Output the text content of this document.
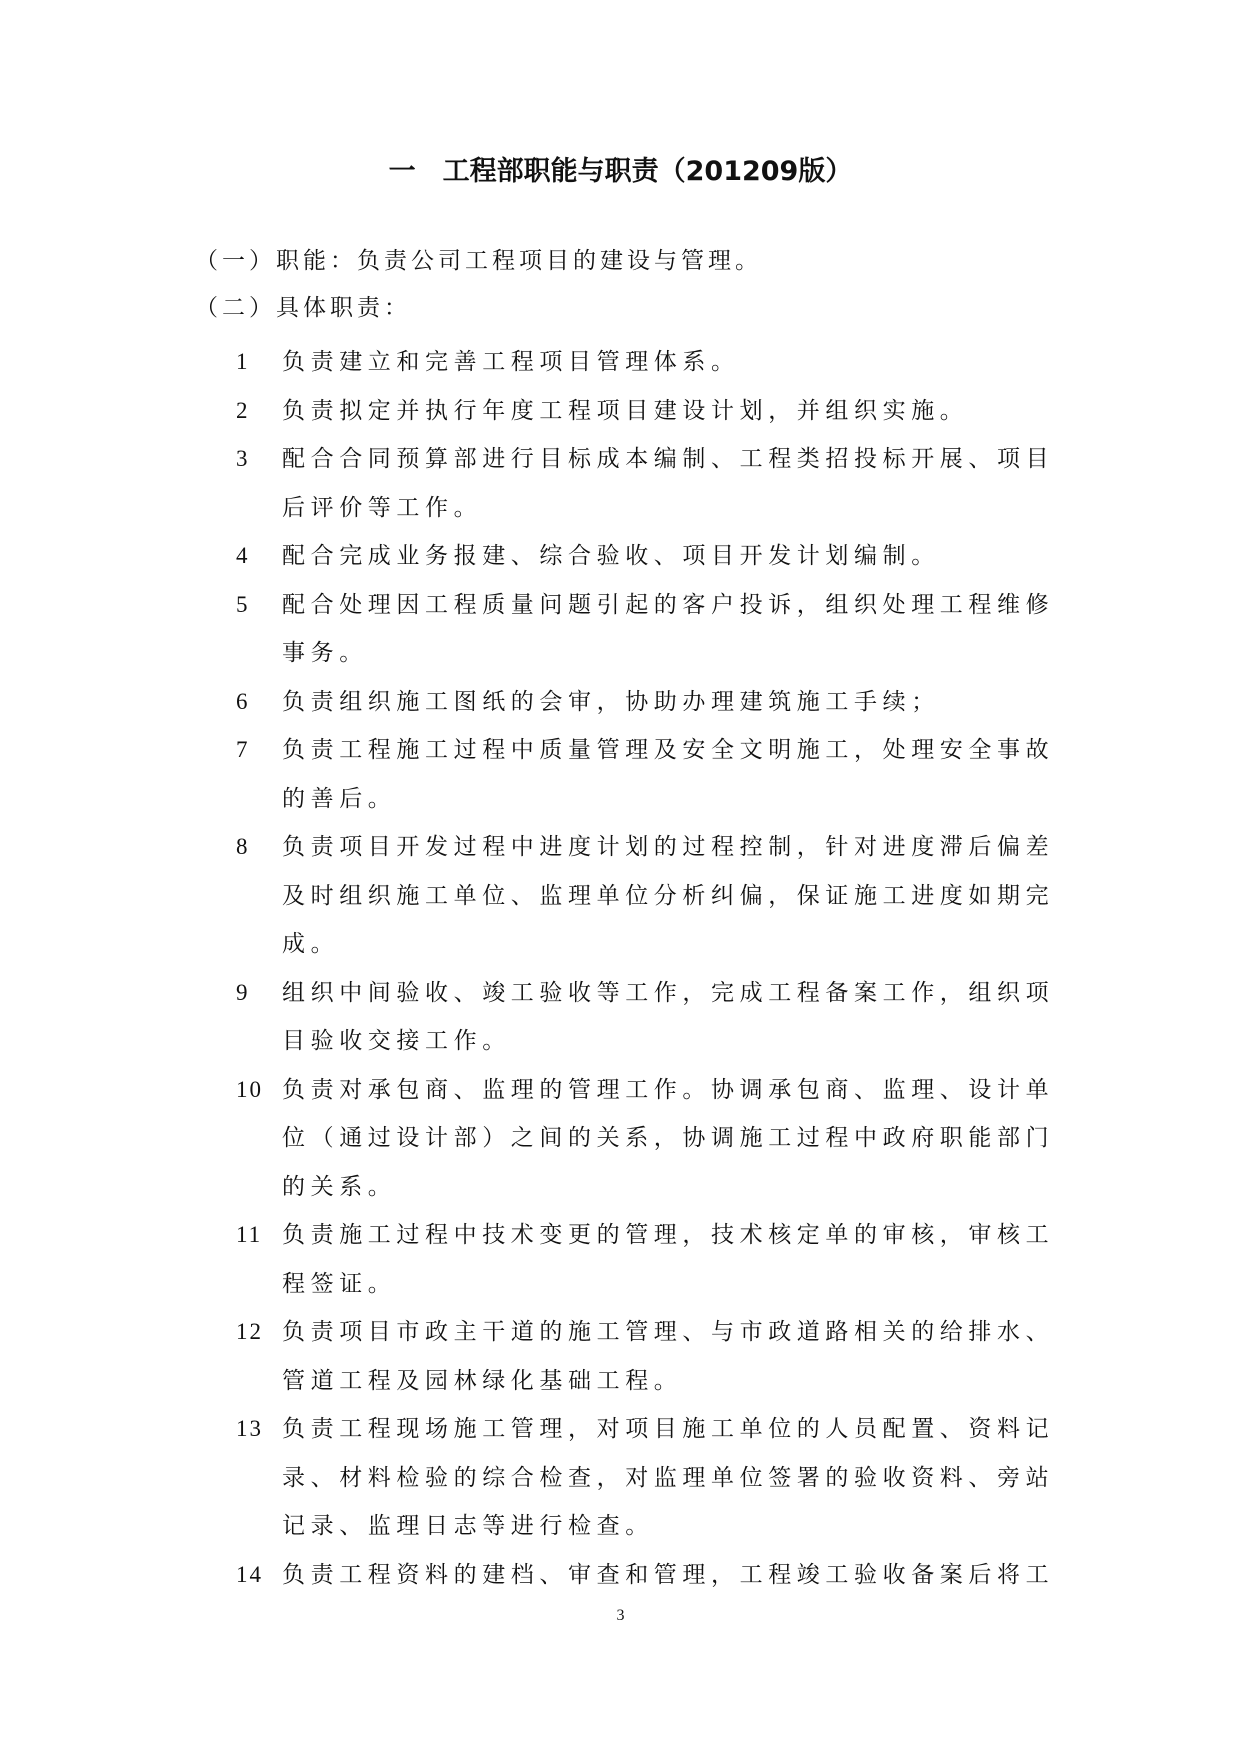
一　工程部职能与职责（201209版）
（一）职能：负责公司工程项目的建设与管理。
（二）具体职责：
1	负责建立和完善工程项目管理体系。
2	负责拟定并执行年度工程项目建设计划，并组织实施。
3	配合合同预算部进行目标成本编制、工程类招投标开展、项目后评价等工作。
4	配合完成业务报建、综合验收、项目开发计划编制。
5	配合处理因工程质量问题引起的客户投诉，组织处理工程维修事务。
6	负责组织施工图纸的会审，协助办理建筑施工手续；
7	负责工程施工过程中质量管理及安全文明施工，处理安全事故的善后。
8	负责项目开发过程中进度计划的过程控制，针对进度滞后偏差及时组织施工单位、监理单位分析纠偏，保证施工进度如期完成。
9	组织中间验收、竣工验收等工作，完成工程备案工作，组织项目验收交接工作。
10 负责对承包商、监理的管理工作。协调承包商、监理、设计单位（通过设计部）之间的关系，协调施工过程中政府职能部门的关系。
11 负责施工过程中技术变更的管理，技术核定单的审核，审核工程签证。
12 负责项目市政主干道的施工管理、与市政道路相关的给排水、管道工程及园林绿化基础工程。
13 负责工程现场施工管理，对项目施工单位的人员配置、资料记录、材料检验的综合检查，对监理单位签署的验收资料、旁站记录、监理日志等进行检查。
14 负责工程资料的建档、审查和管理，工程竣工验收备案后将工
3
